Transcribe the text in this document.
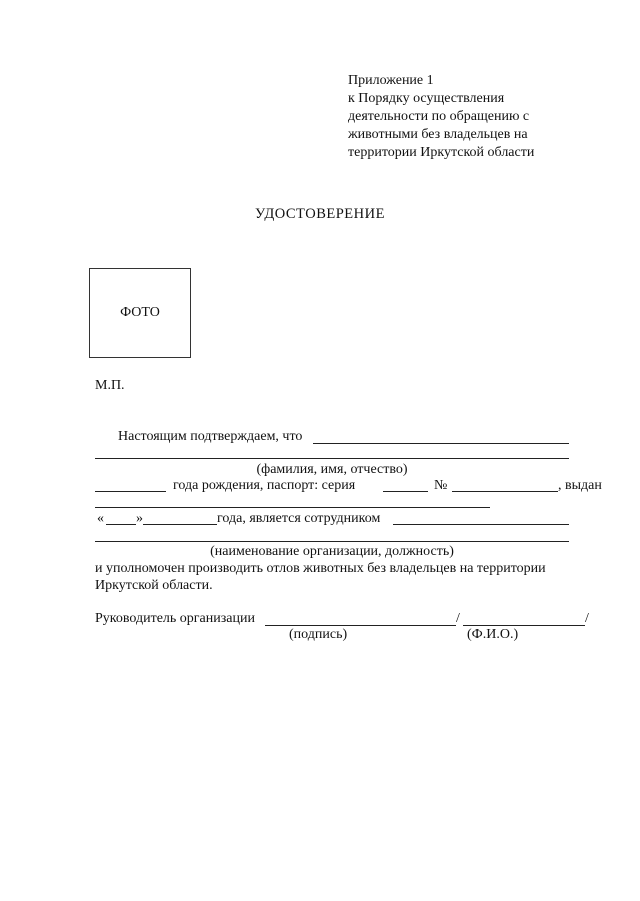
Приложение 1
к Порядку осуществления
деятельности по обращению с
животными без владельцев на
территории Иркутской области
УДОСТОВЕРЕНИЕ
ФОТО
М.П.
Настоящим подтверждаем, что
(фамилия, имя, отчество)
года рождения, паспорт: серия	№	, выдан
« »	года, является сотрудником
(наименование организации, должность)
и уполномочен производить отлов животных без владельцев на территории
Иркутской области.
Руководитель организации	/	/
(подпись)	(Ф.И.О.)
